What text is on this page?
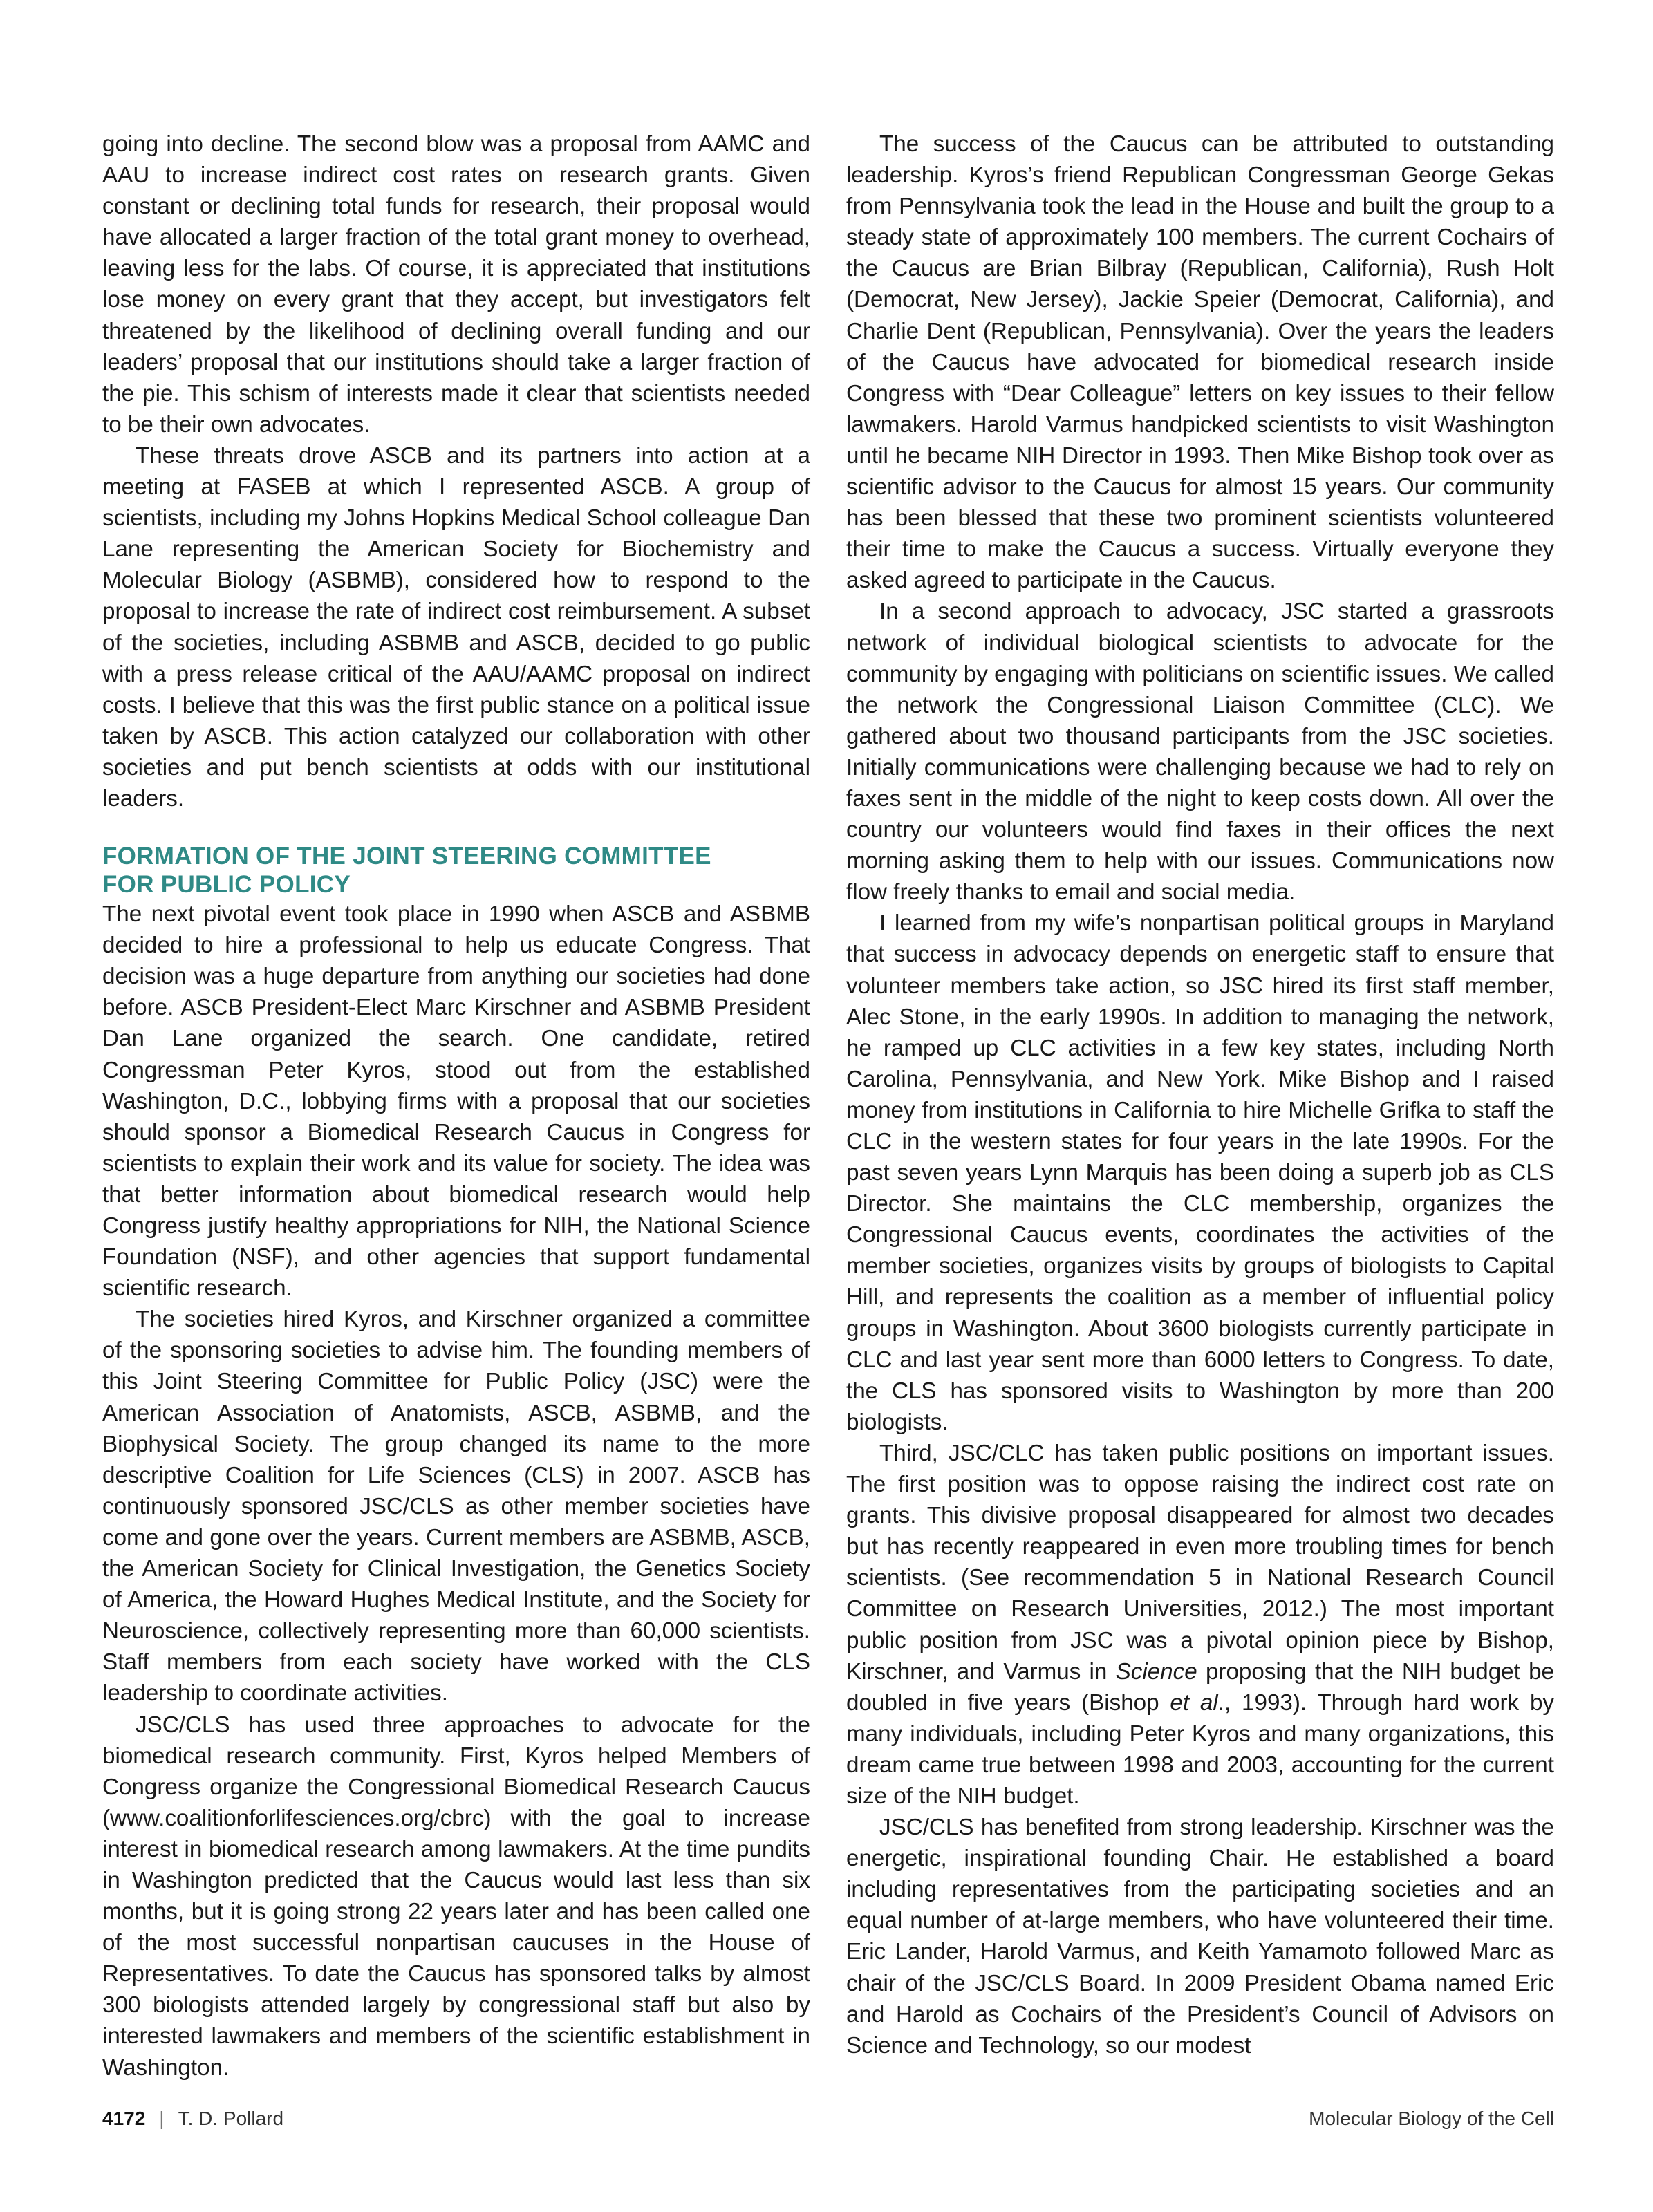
going into decline. The second blow was a proposal from AAMC and AAU to increase indirect cost rates on research grants. Given constant or declining total funds for research, their proposal would have allocated a larger fraction of the total grant money to overhead, leaving less for the labs. Of course, it is appreciated that institutions lose money on every grant that they accept, but investigators felt threatened by the likelihood of declining overall funding and our leaders’ proposal that our institutions should take a larger fraction of the pie. This schism of interests made it clear that scientists needed to be their own advocates.

These threats drove ASCB and its partners into action at a meeting at FASEB at which I represented ASCB. A group of scientists, including my Johns Hopkins Medical School colleague Dan Lane representing the American Society for Biochemistry and Molecular Biology (ASBMB), considered how to respond to the proposal to increase the rate of indirect cost reimbursement. A subset of the societies, including ASBMB and ASCB, decided to go public with a press release critical of the AAU/AAMC proposal on indirect costs. I believe that this was the first public stance on a political issue taken by ASCB. This action catalyzed our collaboration with other societies and put bench scientists at odds with our institutional leaders.

FORMATION OF THE JOINT STEERING COMMITTEE
FOR PUBLIC POLICY

The next pivotal event took place in 1990 when ASCB and ASBMB decided to hire a professional to help us educate Congress. That decision was a huge departure from anything our societies had done before. ASCB President-Elect Marc Kirschner and ASBMB President Dan Lane organized the search. One candidate, retired Congressman Peter Kyros, stood out from the established Washington, D.C., lobbying firms with a proposal that our societies should sponsor a Biomedical Research Caucus in Congress for scientists to explain their work and its value for society. The idea was that better information about biomedical research would help Congress justify healthy appropriations for NIH, the National Science Foundation (NSF), and other agencies that support fundamental scientific research.

The societies hired Kyros, and Kirschner organized a committee of the sponsoring societies to advise him. The founding members of this Joint Steering Committee for Public Policy (JSC) were the American Association of Anatomists, ASCB, ASBMB, and the Biophysical Society. The group changed its name to the more descriptive Coalition for Life Sciences (CLS) in 2007. ASCB has continuously sponsored JSC/CLS as other member societies have come and gone over the years. Current members are ASBMB, ASCB, the American Society for Clinical Investigation, the Genetics Society of America, the Howard Hughes Medical Institute, and the Society for Neuroscience, collectively representing more than 60,000 scientists. Staff members from each society have worked with the CLS leadership to coordinate activities.

JSC/CLS has used three approaches to advocate for the biomedical research community. First, Kyros helped Members of Congress organize the Congressional Biomedical Research Caucus (www.coalitionforlifesciences.org/cbrc) with the goal to increase interest in biomedical research among lawmakers. At the time pundits in Washington predicted that the Caucus would last less than six months, but it is going strong 22 years later and has been called one of the most successful nonpartisan caucuses in the House of Representatives. To date the Caucus has sponsored talks by almost 300 biologists attended largely by congressional staff but also by interested lawmakers and members of the scientific establishment in Washington.

The success of the Caucus can be attributed to outstanding leadership. Kyros’s friend Republican Congressman George Gekas from Pennsylvania took the lead in the House and built the group to a steady state of approximately 100 members. The current Cochairs of the Caucus are Brian Bilbray (Republican, California), Rush Holt (Democrat, New Jersey), Jackie Speier (Democrat, California), and Charlie Dent (Republican, Pennsylvania). Over the years the leaders of the Caucus have advocated for biomedical research inside Congress with “Dear Colleague” letters on key issues to their fellow lawmakers. Harold Varmus handpicked scientists to visit Washington until he became NIH Director in 1993. Then Mike Bishop took over as scientific advisor to the Caucus for almost 15 years. Our community has been blessed that these two prominent scientists volunteered their time to make the Caucus a success. Virtually everyone they asked agreed to participate in the Caucus.

In a second approach to advocacy, JSC started a grassroots network of individual biological scientists to advocate for the community by engaging with politicians on scientific issues. We called the network the Congressional Liaison Committee (CLC). We gathered about two thousand participants from the JSC societies. Initially communications were challenging because we had to rely on faxes sent in the middle of the night to keep costs down. All over the country our volunteers would find faxes in their offices the next morning asking them to help with our issues. Communications now flow freely thanks to email and social media.

I learned from my wife’s nonpartisan political groups in Maryland that success in advocacy depends on energetic staff to ensure that volunteer members take action, so JSC hired its first staff member, Alec Stone, in the early 1990s. In addition to managing the network, he ramped up CLC activities in a few key states, including North Carolina, Pennsylvania, and New York. Mike Bishop and I raised money from institutions in California to hire Michelle Grifka to staff the CLC in the western states for four years in the late 1990s. For the past seven years Lynn Marquis has been doing a superb job as CLS Director. She maintains the CLC membership, organizes the Congressional Caucus events, coordinates the activities of the member societies, organizes visits by groups of biologists to Capital Hill, and represents the coalition as a member of influential policy groups in Washington. About 3600 biologists currently participate in CLC and last year sent more than 6000 letters to Congress. To date, the CLS has sponsored visits to Washington by more than 200 biologists.

Third, JSC/CLC has taken public positions on important issues. The first position was to oppose raising the indirect cost rate on grants. This divisive proposal disappeared for almost two decades but has recently reappeared in even more troubling times for bench scientists. (See recommendation 5 in National Research Council Committee on Research Universities, 2012.) The most important public position from JSC was a pivotal opinion piece by Bishop, Kirschner, and Varmus in Science proposing that the NIH budget be doubled in five years (Bishop et al., 1993). Through hard work by many individuals, including Peter Kyros and many organizations, this dream came true between 1998 and 2003, accounting for the current size of the NIH budget.

JSC/CLS has benefited from strong leadership. Kirschner was the energetic, inspirational founding Chair. He established a board including representatives from the participating societies and an equal number of at-large members, who have volunteered their time. Eric Lander, Harold Varmus, and Keith Yamamoto followed Marc as chair of the JSC/CLS Board. In 2009 President Obama named Eric and Harold as Cochairs of the President’s Council of Advisors on Science and Technology, so our modest

4172 | T. D. Pollard	Molecular Biology of the Cell
